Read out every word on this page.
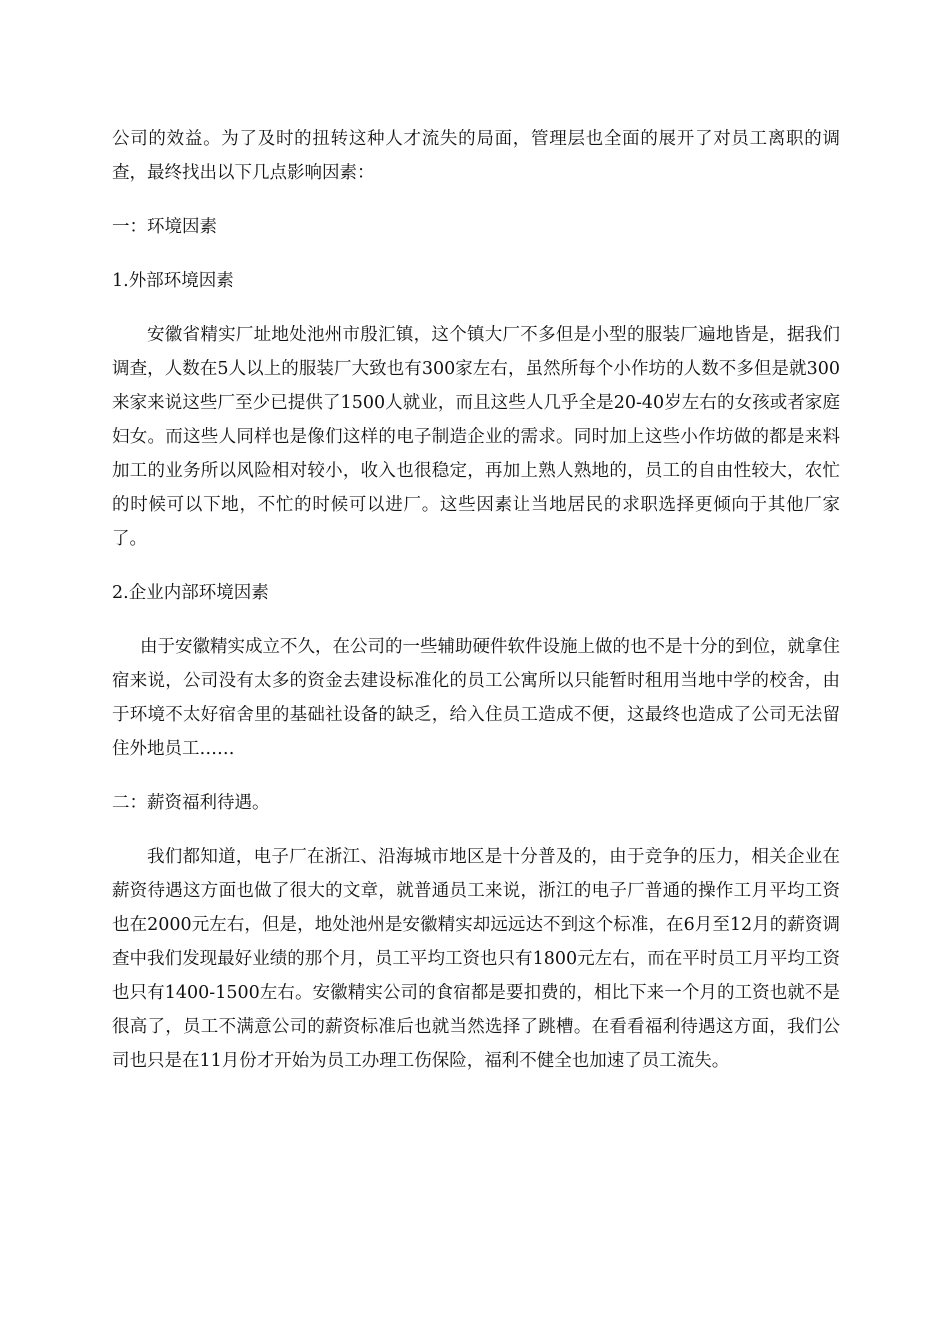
公司的效益。为了及时的扭转这种人才流失的局面，管理层也全面的展开了对员工离职的调查，最终找出以下几点影响因素：

一：环境因素

1.外部环境因素

安徽省精实厂址地处池州市殷汇镇，这个镇大厂不多但是小型的服装厂遍地皆是，据我们调查，人数在5人以上的服装厂大致也有300家左右，虽然所每个小作坊的人数不多但是就300来家来说这些厂至少已提供了1500人就业，而且这些人几乎全是20-40岁左右的女孩或者家庭妇女。而这些人同样也是像们这样的电子制造企业的需求。同时加上这些小作坊做的都是来料加工的业务所以风险相对较小，收入也很稳定，再加上熟人熟地的，员工的自由性较大，农忙的时候可以下地，不忙的时候可以进厂。这些因素让当地居民的求职选择更倾向于其他厂家了。

2.企业内部环境因素

由于安徽精实成立不久，在公司的一些辅助硬件软件设施上做的也不是十分的到位，就拿住宿来说，公司没有太多的资金去建设标准化的员工公寓所以只能暂时租用当地中学的校舍，由于环境不太好宿舍里的基础社设备的缺乏，给入住员工造成不便，这最终也造成了公司无法留住外地员工……

二：薪资福利待遇。

我们都知道，电子厂在浙江、沿海城市地区是十分普及的，由于竞争的压力，相关企业在薪资待遇这方面也做了很大的文章，就普通员工来说，浙江的电子厂普通的操作工月平均工资也在2000元左右，但是，地处池州是安徽精实却远远达不到这个标准，在6月至12月的薪资调查中我们发现最好业绩的那个月，员工平均工资也只有1800元左右，而在平时员工月平均工资也只有1400-1500左右。安徽精实公司的食宿都是要扣费的，相比下来一个月的工资也就不是很高了，员工不满意公司的薪资标准后也就当然选择了跳槽。在看看福利待遇这方面，我们公司也只是在11月份才开始为员工办理工伤保险，福利不健全也加速了员工流失。
